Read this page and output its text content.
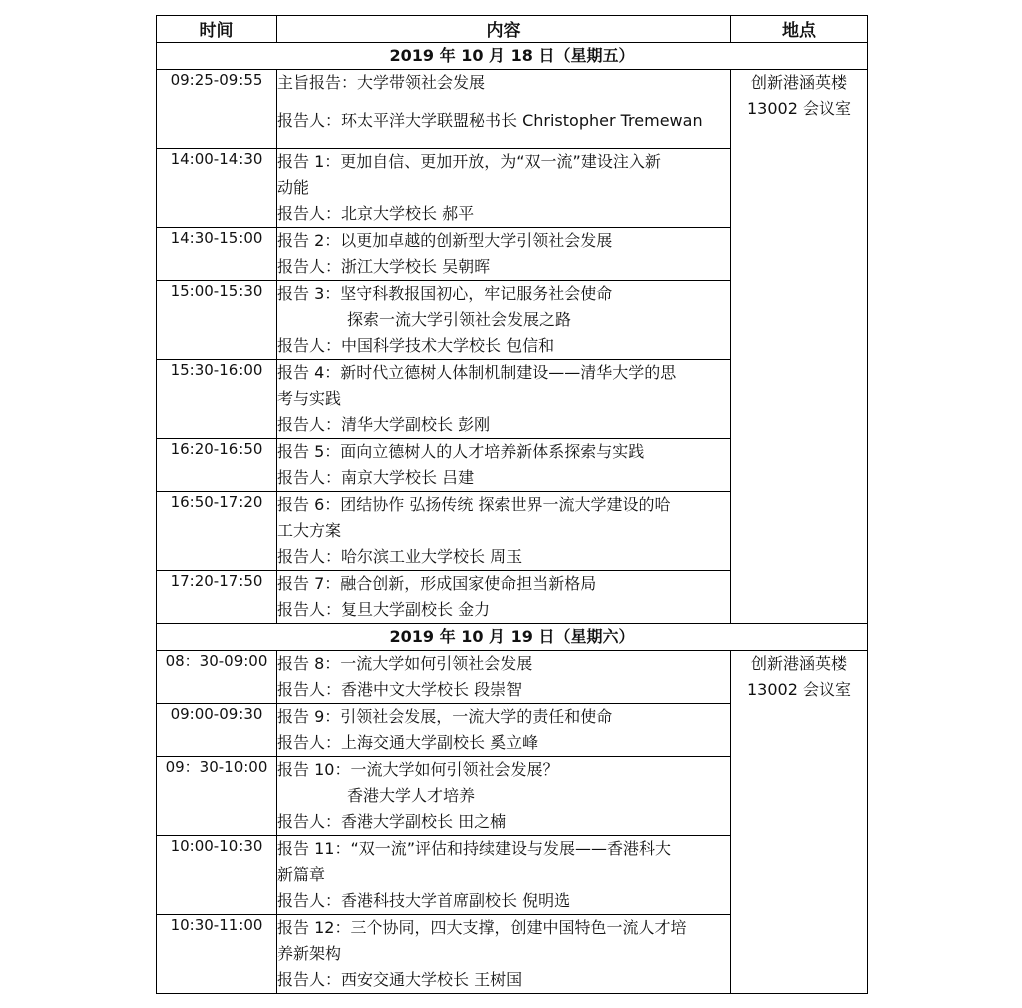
时间	内容	地点
2019 年 10 月 18 日（星期五）		
09:25-09:55	主旨报告：大学带领社会发展
报告人：环太平洋大学联盟秘书长 Christopher Tremewan	创新港涵英楼
13002 会议室

14:00-14:30	报告 1：更加自信、更加开放，为“双一流”建设注入新
动能
报告人：北京大学校长 郝平	

14:30-15:00	报告 2：以更加卓越的创新型大学引领社会发展
报告人：浙江大学校长 吴朝晖	

15:00-15:30	报告 3：坚守科教报国初心，牢记服务社会使命
探索一流大学引领社会发展之路
报告人：中国科学技术大学校长 包信和	

15:30-16:00	报告 4：新时代立德树人体制机制建设——清华大学的思
考与实践
报告人：清华大学副校长 彭刚	

16:20-16:50	报告 5：面向立德树人的人才培养新体系探索与实践
报告人：南京大学校长 吕建	

16:50-17:20	报告 6：团结协作 弘扬传统 探索世界一流大学建设的哈
工大方案
报告人：哈尔滨工业大学校长 周玉	

17:20-17:50	报告 7：融合创新，形成国家使命担当新格局
报告人：复旦大学副校长 金力	

2019 年 10 月 19 日（星期六）		
08：30-09:00	报告 8：一流大学如何引领社会发展
报告人：香港中文大学校长 段崇智	创新港涵英楼
13002 会议室

09:00-09:30	报告 9：引领社会发展，一流大学的责任和使命
报告人：上海交通大学副校长 奚立峰	

09：30-10:00	报告 10：一流大学如何引领社会发展？
香港大学人才培养
报告人：香港大学副校长 田之楠	

10:00-10:30	报告 11：“双一流”评估和持续建设与发展——香港科大
新篇章
报告人：香港科技大学首席副校长 倪明选	

10:30-11:00	报告 12：三个协同，四大支撑，创建中国特色一流人才培
养新架构
报告人：西安交通大学校长 王树国	
